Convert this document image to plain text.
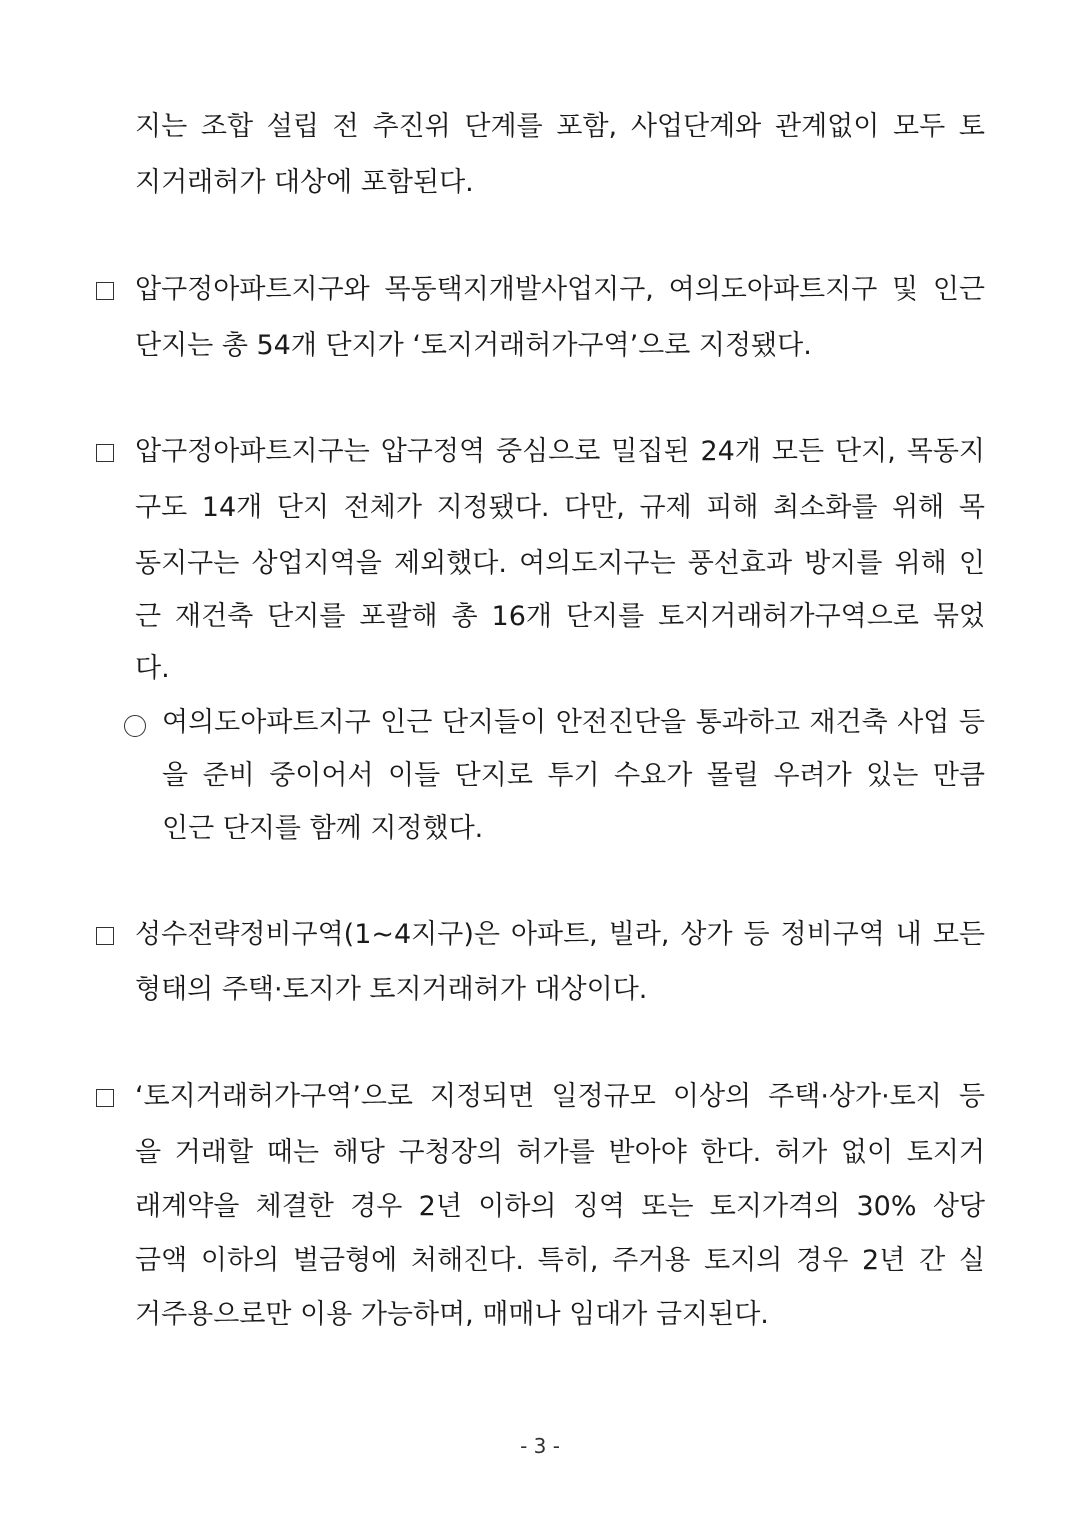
지는 조합 설립 전 추진위 단계를 포함, 사업단계와 관계없이 모두 토
지거래허가 대상에 포함된다.
압구정아파트지구와 목동택지개발사업지구, 여의도아파트지구 및 인근
단지는 총 54개 단지가 ‘토지거래허가구역’으로 지정됐다.
압구정아파트지구는 압구정역 중심으로 밀집된 24개 모든 단지, 목동지
구도 14개 단지 전체가 지정됐다. 다만, 규제 피해 최소화를 위해 목
동지구는 상업지역을 제외했다. 여의도지구는 풍선효과 방지를 위해 인
근 재건축 단지를 포괄해 총 16개 단지를 토지거래허가구역으로 묶었
다.
여의도아파트지구 인근 단지들이 안전진단을 통과하고 재건축 사업 등
을 준비 중이어서 이들 단지로 투기 수요가 몰릴 우려가 있는 만큼
인근 단지를 함께 지정했다.
성수전략정비구역(1~4지구)은 아파트, 빌라, 상가 등 정비구역 내 모든
형태의 주택·토지가 토지거래허가 대상이다.
‘토지거래허가구역’으로 지정되면 일정규모 이상의 주택·상가·토지 등
을 거래할 때는 해당 구청장의 허가를 받아야 한다. 허가 없이 토지거
래계약을 체결한 경우 2년 이하의 징역 또는 토지가격의 30% 상당
금액 이하의 벌금형에 처해진다. 특히, 주거용 토지의 경우 2년 간 실
거주용으로만 이용 가능하며, 매매나 임대가 금지된다.
- 3 -
